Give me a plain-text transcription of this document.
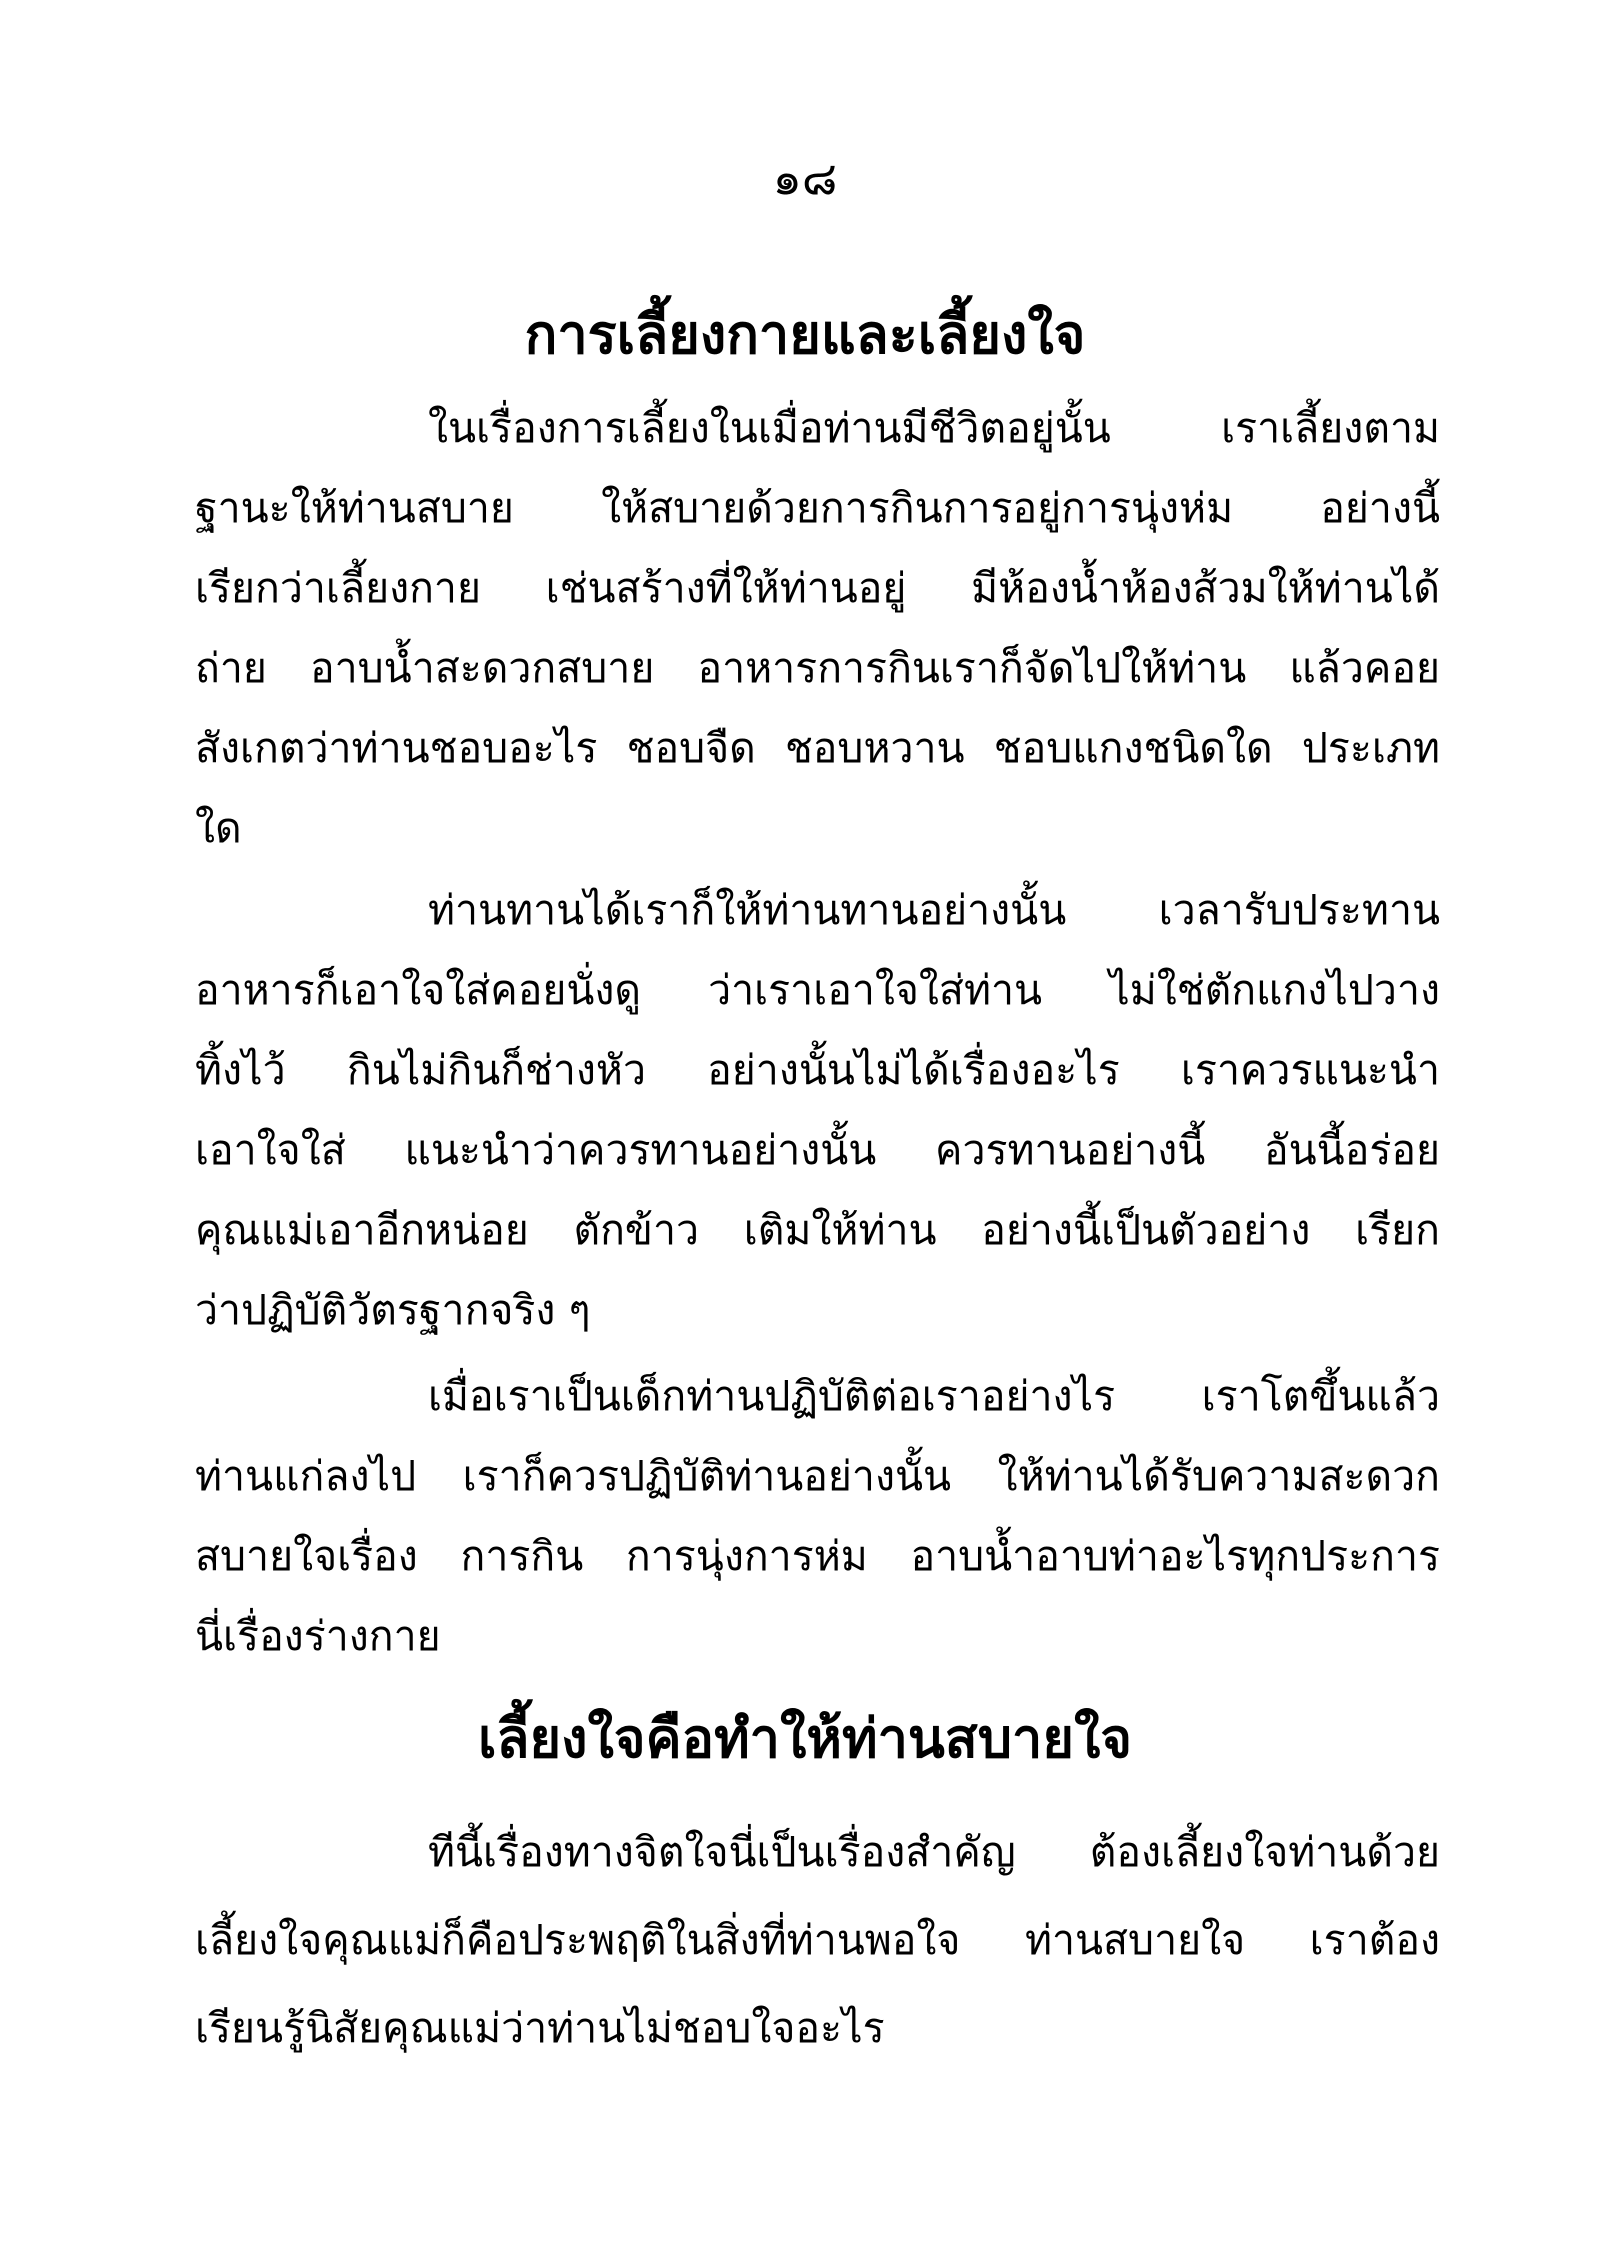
๑๘
การเลี้ยงกายและเลี้ยงใจ
ในเรื่องการเลี้ยงในเมื่อท่านมีชีวิตอยู่นั้น เราเลี้ยงตาม
ฐานะให้ท่านสบาย ให้สบายด้วยการกินการอยู่การนุ่งห่ม อย่างนี้
เรียกว่าเลี้ยงกาย เช่นสร้างที่ให้ท่านอยู่ มีห้องน้ำห้องส้วมให้ท่านได้
ถ่าย อาบน้ำสะดวกสบาย อาหารการกินเราก็จัดไปให้ท่าน แล้วคอย
สังเกตว่าท่านชอบอะไร ชอบจืด ชอบหวาน ชอบแกงชนิดใด ประเภท
ใด
ท่านทานได้เราก็ให้ท่านทานอย่างนั้น เวลารับประทาน
อาหารก็เอาใจใส่คอยนั่งดู ว่าเราเอาใจใส่ท่าน ไม่ใช่ตักแกงไปวาง
ทิ้งไว้ กินไม่กินก็ช่างหัว อย่างนั้นไม่ได้เรื่องอะไร เราควรแนะนำ
เอาใจใส่ แนะนำว่าควรทานอย่างนั้น ควรทานอย่างนี้ อันนี้อร่อย
คุณแม่เอาอีกหน่อย ตักข้าว เติมให้ท่าน อย่างนี้เป็นตัวอย่าง เรียก
ว่าปฏิบัติวัตรฐากจริง ๆ
เมื่อเราเป็นเด็กท่านปฏิบัติต่อเราอย่างไร เราโตขึ้นแล้ว
ท่านแก่ลงไป เราก็ควรปฏิบัติท่านอย่างนั้น ให้ท่านได้รับความสะดวก
สบายใจเรื่อง การกิน การนุ่งการห่ม อาบน้ำอาบท่าอะไรทุกประการ
นี่เรื่องร่างกาย
เลี้ยงใจคือทำให้ท่านสบายใจ
ทีนี้เรื่องทางจิตใจนี่เป็นเรื่องสำคัญ ต้องเลี้ยงใจท่านด้วย
เลี้ยงใจคุณแม่ก็คือประพฤติในสิ่งที่ท่านพอใจ ท่านสบายใจ เราต้อง
เรียนรู้นิสัยคุณแม่ว่าท่านไม่ชอบใจอะไร
